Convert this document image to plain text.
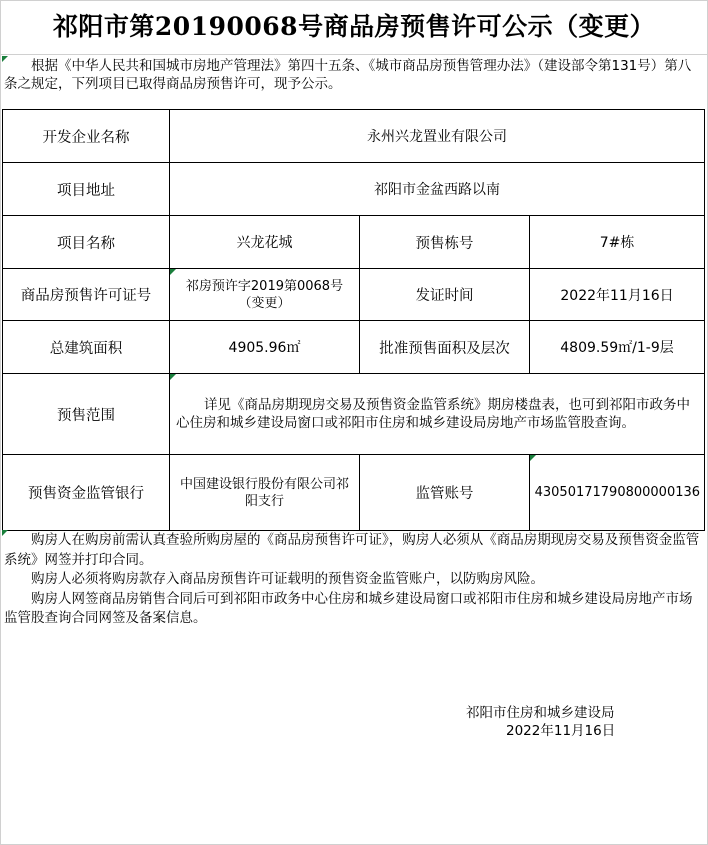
祁阳市第20190068号商品房预售许可公示（变更）
根据《中华人民共和国城市房地产管理法》第四十五条、《城市商品房预售管理办法》（建设部令第131号）第八条之规定，下列项目已取得商品房预售许可，现予公示。
开发企业名称	永州兴龙置业有限公司		
项目地址	祁阳市金盆西路以南		
项目名称	兴龙花城	预售栋号	7#栋
商品房预售许可证号	祁房预许字2019第0068号（变更）	发证时间	2022年11月16日
总建筑面积	4905.96㎡	批准预售面积及层次	4809.59㎡/1-9层
预售范围	详见《商品房期现房交易及预售资金监管系统》期房楼盘表，也可到祁阳市政务中心住房和城乡建设局窗口或祁阳市住房和城乡建设局房地产市场监管股查询。		
预售资金监管银行	中国建设银行股份有限公司祁阳支行	监管账号	43050171790800000136

购房人在购房前需认真查验所购房屋的《商品房预售许可证》，购房人必须从《商品房期现房交易及预售资金监管系统》网签并打印合同。

购房人必须将购房款存入商品房预售许可证载明的预售资金监管账户，以防购房风险。

购房人网签商品房销售合同后可到祁阳市政务中心住房和城乡建设局窗口或祁阳市住房和城乡建设局房地产市场监管股查询合同网签及备案信息。

祁阳市住房和城乡建设局
2022年11月16日
